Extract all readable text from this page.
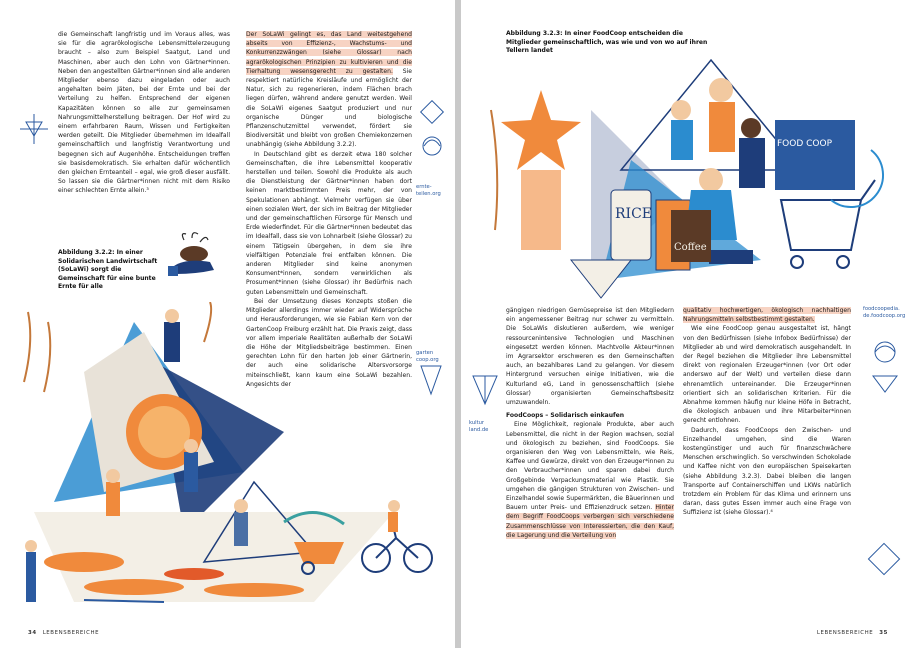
die Gemeinschaft langfristig und im Voraus alles, was sie für die agrarökologische Lebensmittelerzeugung braucht – also zum Beispiel Saatgut, Land und Maschinen, aber auch den Lohn von Gärtner*innen. Neben den angestellten Gärtner*innen sind alle anderen Mitglieder ebenso dazu eingeladen oder auch angehalten beim Jäten, bei der Ernte und bei der Verteilung zu helfen. Entsprechend der eigenen Kapazitäten können so alle zur gemeinsamen Nahrungsmittelherstellung beitragen. Der Hof wird zu einem erfahrbaren Raum, Wissen und Fertigkeiten werden geteilt. Die Mitglieder übernehmen im Idealfall gemeinschaftlich und langfristig Verantwortung und begegnen sich auf Augenhöhe. Entscheidungen treffen sie basisdemokratisch. Sie erhalten dafür wöchentlich den gleichen Ernteanteil – egal, wie groß dieser ausfällt. So lassen sie die Gärtner*innen nicht mit dem Risiko einer schlechten Ernte allein.³

Der SoLaWi gelingt es, das Land weitestgehend abseits von Effizienz-, Wachstums- und Konkurrenzzwängen (siehe Glossar) nach agrarökologischen Prinzipien zu kultivieren und die Tierhaltung wesensgerecht zu gestalten. Sie respektiert natürliche Kreisläufe und ermöglicht der Natur, sich zu regenerieren, indem Flächen brach liegen dürfen, während andere genutzt werden. Weil die SoLaWi eigenes Saatgut produziert und nur organische Dünger und biologische Pflanzenschutzmittel verwendet, fördert sie Biodiversität und bleibt von großen Chemiekonzernen unabhängig (siehe Abbildung 3.2.2).

In Deutschland gibt es derzeit etwa 180 solcher Gemeinschaften, die ihre Lebensmittel kooperativ herstellen und teilen. Sowohl die Produkte als auch die Dienstleistung der Gärtner*innen haben dort keinen marktbestimmten Preis mehr, der von Spekulationen abhängt. Vielmehr verfügen sie über einen sozialen Wert, der sich im Beitrag der Mitglieder und der gemeinschaftlichen Fürsorge für Mensch und Erde wiederfindet. Für die Gärtner*innen bedeutet das im Idealfall, dass sie von Lohnarbeit (siehe Glossar) zu einem Tätigsein übergehen, in dem sie ihre vielfältigen Potenziale frei entfalten können. Die anderen Mitglieder sind keine anonymen Konsument*innen, sondern verwirklichen als Prosument*innen (siehe Glossar) ihr Bedürfnis nach guten Lebensmitteln und Gemeinschaft.

Bei der Umsetzung dieses Konzepts stoßen die Mitglieder allerdings immer wieder auf Widersprüche und Herausforderungen, wie sie Fabian Kern von der GartenCoop Freiburg erzählt hat. Die Praxis zeigt, dass vor allem imperiale Realitäten außerhalb der SoLaWi die Höhe der Mitgliedsbeiträge bestimmen. Einen gerechten Lohn für den harten Job einer Gärtnerin, der auch eine solidarische Altersvorsorge miteinschließt, kann kaum eine SoLaWi bezahlen. Angesichts der

Abbildung 3.2.2: In einer Solidarischen Landwirtschaft (SoLaWi) sorgt die Gemeinschaft für eine bunte Ernte für alle
ernte-teilen.org
garten coop.org
34 LEBENSBEREICHE
Abbildung 3.2.3: In einer FoodCoop entscheiden die Mitglieder gemeinschaftlich, was wie und von wo auf ihren Tellern landet
RICE
FOOD COOP
Coffee

gängigen niedrigen Gemüsepreise ist den Mitgliedern ein angemessener Beitrag nur schwer zu vermitteln. Die SoLaWis diskutieren außerdem, wie weniger ressourcenintensive Technologien und Maschinen eingesetzt werden können. Machtvolle Akteur*innen im Agrarsektor erschweren es den Gemeinschaften auch, an bezahlbares Land zu gelangen. Vor diesem Hintergrund versuchen einige Initiativen, wie die Kulturland eG, Land in genossenschaftlich (siehe Glossar) organisierten Gemeinschaftsbesitz umzuwandeln.

FoodCoops – Solidarisch einkaufen

Eine Möglichkeit, regionale Produkte, aber auch Lebensmittel, die nicht in der Region wachsen, sozial und ökologisch zu beziehen, sind FoodCoops. Sie organisieren den Weg von Lebensmitteln, wie Reis, Kaffee und Gewürze, direkt von den Erzeuger*innen zu den Verbraucher*innen und sparen dabei durch Großgebinde Verpackungsmaterial wie Plastik. Sie umgehen die gängigen Strukturen von Zwischen- und Einzelhandel sowie Supermärkten, die Bäuerinnen und Bauern unter Preis- und Effizienzdruck setzen. Hinter dem Begriff FoodCoops verbergen sich verschiedene Zusammenschlüsse von Interessierten, die den Kauf, die Lagerung und die Verteilung von

qualitativ hochwertigen, ökologisch nachhaltigen Nahrungsmitteln selbstbestimmt gestalten.

Wie eine FoodCoop genau ausgestaltet ist, hängt von den Bedürfnissen (siehe Infobox Bedürfnisse) der Mitglieder ab und wird demokratisch ausgehandelt. In der Regel beziehen die Mitglieder ihre Lebensmittel direkt von regionalen Erzeuger*innen (vor Ort oder anderswo auf der Welt) und verteilen diese dann ehrenamtlich untereinander. Die Erzeuger*innen orientiert sich an solidarischen Kriterien. Für die Abnahme kommen häufig nur kleine Höfe in Betracht, die ökologisch anbauen und ihre Mitarbeiter*innen gerecht entlohnen.

Dadurch, dass FoodCoops den Zwischen- und Einzelhandel umgehen, sind die Waren kostengünstiger und auch für finanzschwächere Menschen erschwinglich. So verschwinden Schokolade und Kaffee nicht von den europäischen Speisekarten (siehe Abbildung 3.2.3). Dabei bleiben die langen Transporte auf Containerschiffen und LKWs natürlich trotzdem ein Problem für das Klima und erinnern uns daran, dass gutes Essen immer auch eine Frage von Suffizienz ist (siehe Glossar).⁴

kultur land.de
foodcoopedia. de.foodcoop.org
LEBENSBEREICHE 35
